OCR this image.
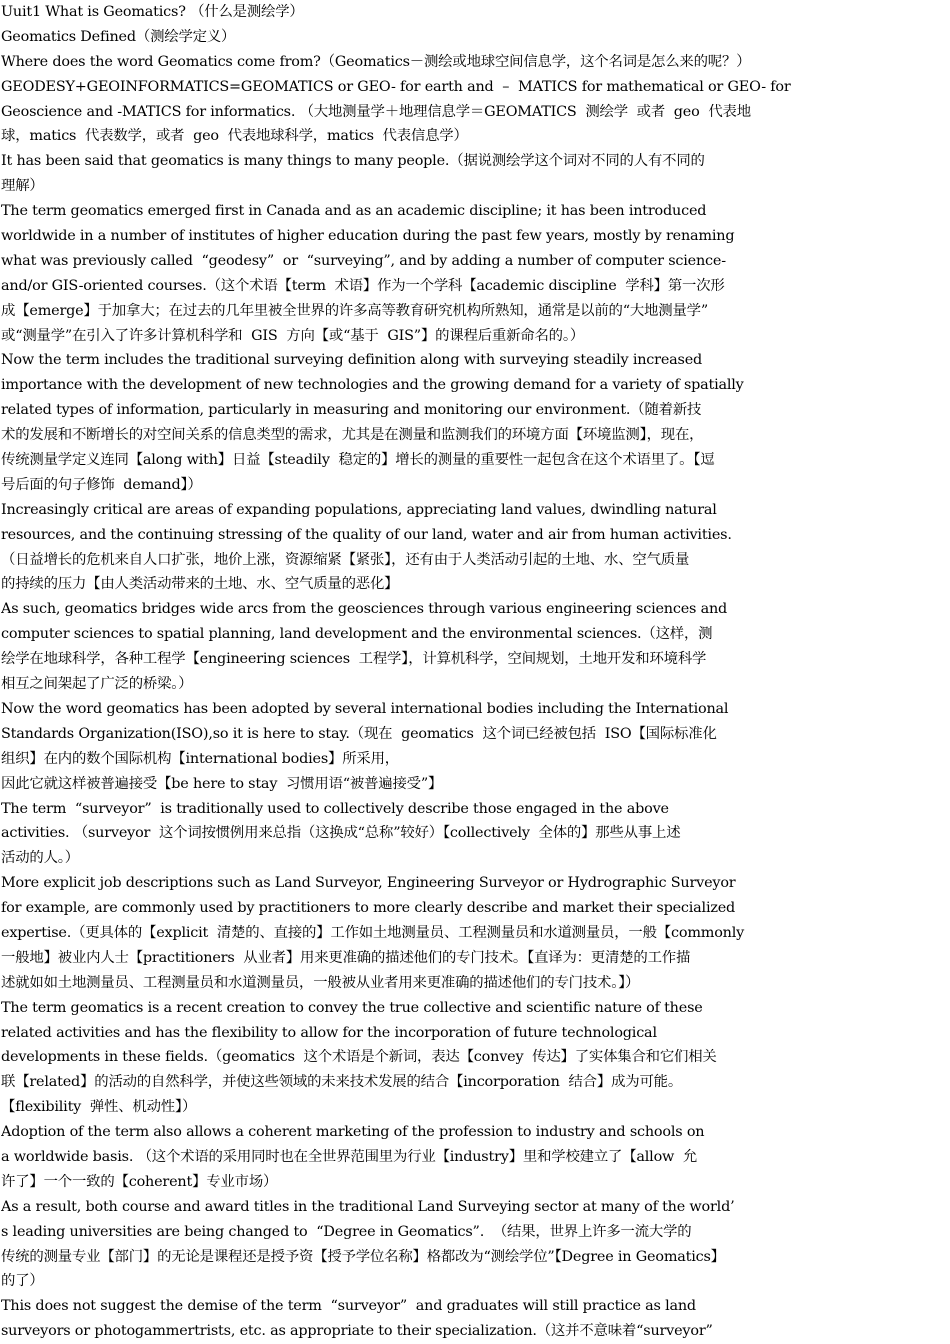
Uuit1 What is Geomatics? （什么是测绘学）
Geomatics Defined（测绘学定义）
Where does the word Geomatics come from?（Geomatics－测绘或地球空间信息学，这个名词是怎么来的呢？）
GEODESY+GEOINFORMATICS=GEOMATICS or GEO- for earth and  –  MATICS for mathematical or GEO- for
Geoscience and -MATICS for informatics. （大地测量学＋地理信息学＝GEOMATICS  测绘学  或者  geo  代表地
球，matics  代表数学，或者  geo  代表地球科学，matics  代表信息学）
It has been said that geomatics is many things to many people.（据说测绘学这个词对不同的人有不同的
理解）
The term geomatics emerged first in Canada and as an academic discipline; it has been introduced
worldwide in a number of institutes of higher education during the past few years, mostly by renaming
what was previously called  “geodesy”  or  “surveying”, and by adding a number of computer science-
and/or GIS-oriented courses.（这个术语【term  术语】作为一个学科【academic discipline  学科】第一次形
成【emerge】于加拿大；在过去的几年里被全世界的许多高等教育研究机构所熟知，通常是以前的“大地测量学”
或“测量学”在引入了许多计算机科学和  GIS  方向【或“基于  GIS”】的课程后重新命名的。）
Now the term includes the traditional surveying definition along with surveying steadily increased
importance with the development of new technologies and the growing demand for a variety of spatially
related types of information, particularly in measuring and monitoring our environment.（随着新技
术的发展和不断增长的对空间关系的信息类型的需求，尤其是在测量和监测我们的环境方面【环境监测】，现在，
传统测量学定义连同【along with】日益【steadily  稳定的】增长的测量的重要性一起包含在这个术语里了。【逗
号后面的句子修饰  demand】）
Increasingly critical are areas of expanding populations, appreciating land values, dwindling natural
resources, and the continuing stressing of the quality of our land, water and air from human activities.
（日益增长的危机来自人口扩张，地价上涨，资源缩紧【紧张】，还有由于人类活动引起的土地、水、空气质量
的持续的压力【由人类活动带来的土地、水、空气质量的恶化】
As such, geomatics bridges wide arcs from the geosciences through various engineering sciences and
computer sciences to spatial planning, land development and the environmental sciences.（这样，测
绘学在地球科学，各种工程学【engineering sciences  工程学】，计算机科学，空间规划，土地开发和环境科学
相互之间架起了广泛的桥梁。）
Now the word geomatics has been adopted by several international bodies including the International
Standards Organization(ISO),so it is here to stay.（现在  geomatics  这个词已经被包括  ISO【国际标准化
组织】在内的数个国际机构【international bodies】所采用，
因此它就这样被普遍接受【be here to stay  习惯用语“被普遍接受”】
The term  “surveyor”  is traditionally used to collectively describe those engaged in the above
activities. （surveyor  这个词按惯例用来总指（这换成“总称”较好）【collectively  全体的】那些从事上述
活动的人。）
More explicit job descriptions such as Land Surveyor, Engineering Surveyor or Hydrographic Surveyor
for example, are commonly used by practitioners to more clearly describe and market their specialized
expertise.（更具体的【explicit  清楚的、直接的】工作如土地测量员、工程测量员和水道测量员，一般【commonly
一般地】被业内人士【practitioners  从业者】用来更准确的描述他们的专门技术。【直译为：更清楚的工作描
述就如如土地测量员、工程测量员和水道测量员，一般被从业者用来更准确的描述他们的专门技术。】）
The term geomatics is a recent creation to convey the true collective and scientific nature of these
related activities and has the flexibility to allow for the incorporation of future technological
developments in these fields.（geomatics  这个术语是个新词，表达【convey  传达】了实体集合和它们相关
联【related】的活动的自然科学，并使这些领域的未来技术发展的结合【incorporation  结合】成为可能。
【flexibility  弹性、机动性】）
Adoption of the term also allows a coherent marketing of the profession to industry and schools on
a worldwide basis. （这个术语的采用同时也在全世界范围里为行业【industry】里和学校建立了【allow  允
许了】一个一致的【coherent】专业市场）
As a result, both course and award titles in the traditional Land Surveying sector at many of the world’
s leading universities are being changed to  “Degree in Geomatics”.  （结果，世界上许多一流大学的
传统的测量专业【部门】的无论是课程还是授予资【授予学位名称】格都改为“测绘学位”【Degree in Geomatics】
的了）
This does not suggest the demise of the term  “surveyor”  and graduates will still practice as land
surveyors or photogammertrists, etc. as appropriate to their specialization.（这并不意味着“surveyor”
